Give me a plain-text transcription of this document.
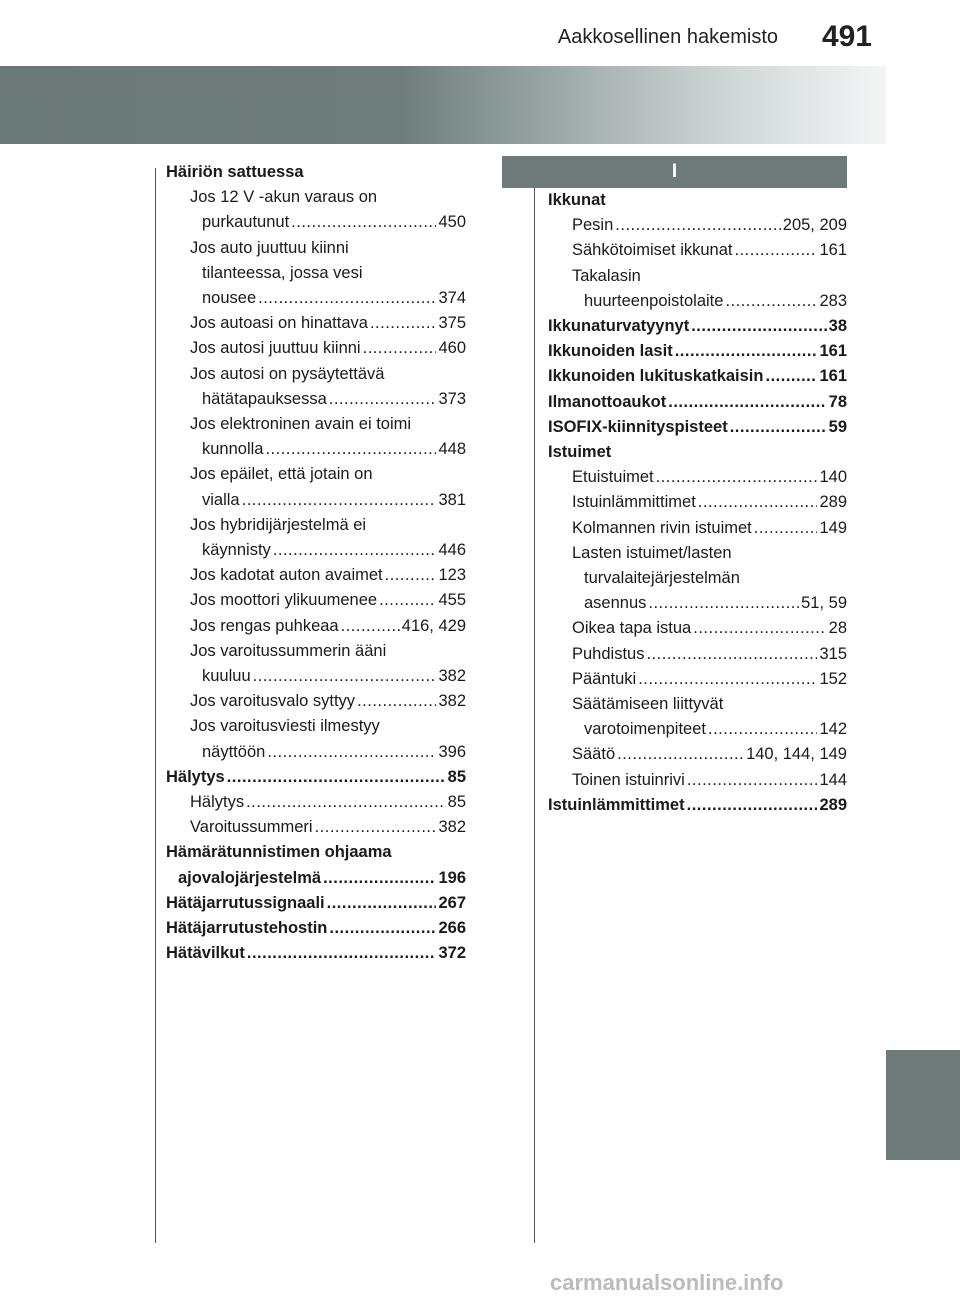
Aakkosellinen hakemisto 491
I
Häiriön sattuessa
Jos 12 V -akun varaus on
purkautunut .....	450
Jos auto juuttuu kiinni
tilanteessa, jossa vesi
nousee .....	374
Jos autoasi on hinattava .....	375
Jos autosi juuttuu kiinni .....	460
Jos autosi on pysäytettävä
hätätapauksessa .....	373
Jos elektroninen avain ei toimi
kunnolla .....	448
Jos epäilet, että jotain on
vialla .....	381
Jos hybridijärjestelmä ei
käynnisty .....	446
Jos kadotat auton avaimet .....	123
Jos moottori ylikuumenee .....	455
Jos rengas puhkeaa .....	416, 429
Jos varoitussummerin ääni
kuuluu .....	382
Jos varoitusvalo syttyy .....	382
Jos varoitusviesti ilmestyy
näyttöön .....	396
Hälytys .....	85
Hälytys .....	85
Varoitussummeri .....	382
Hämärätunnistimen ohjaama
ajovalojärjestelmä .....	196
Hätäjarrutussignaali .....	267
Hätäjarrutustehostin .....	266
Hätävilkut .....	372
Ikkunat
Pesin .....	205, 209
Sähkötoimiset ikkunat .....	161
Takalasin
huurteenpoistolaite .....	283
Ikkunaturvatyynyt .....	38
Ikkunoiden lasit .....	161
Ikkunoiden lukituskatkaisin .....	161
Ilmanottoaukot .....	78
ISOFIX-kiinnityspisteet .....	59
Istuimet
Etuistuimet .....	140
Istuinlämmittimet .....	289
Kolmannen rivin istuimet .....	149
Lasten istuimet/lasten
turvalaitejärjestelmän
asennus .....	51, 59
Oikea tapa istua .....	28
Puhdistus .....	315
Pääntuki .....	152
Säätämiseen liittyvät
varotoimenpiteet .....	142
Säätö .....	140, 144, 149
Toinen istuinrivi .....	144
Istuinlämmittimet .....	289
carmanualsonline.info
